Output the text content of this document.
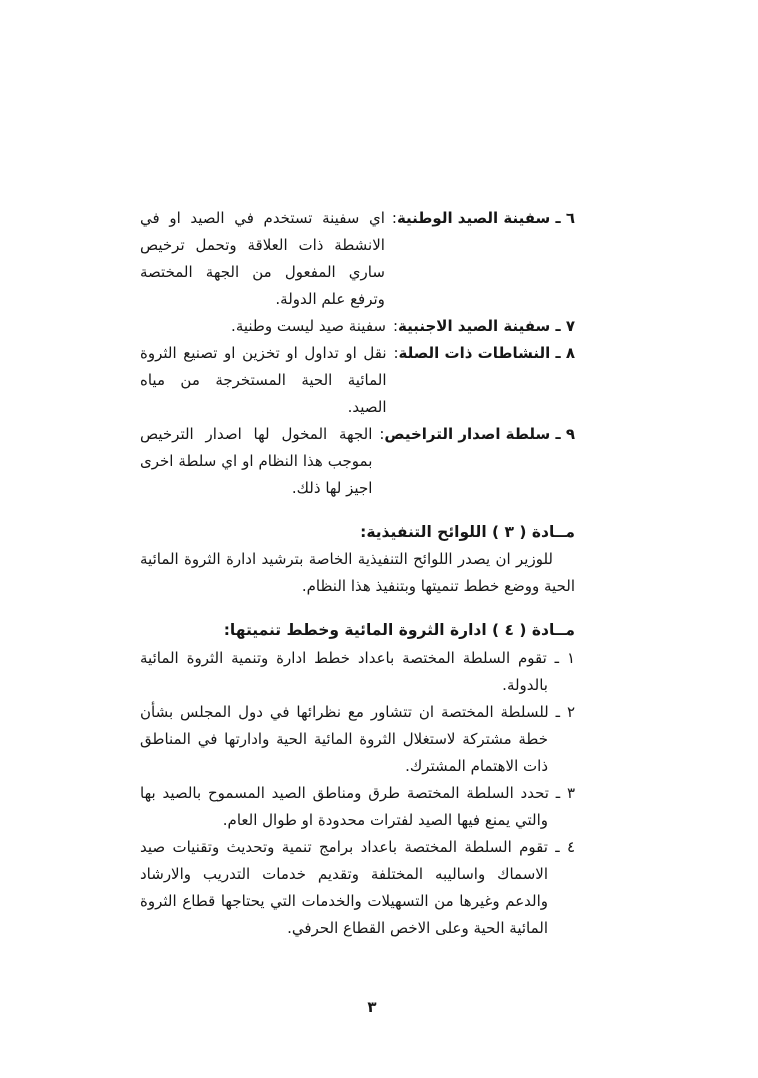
٦ ـ سفينة الصيد الوطنية
:
اي سفينة تستخدم في الصيد او في الانشطة ذات العلاقة وتحمل ترخيص ساري المفعول من الجهة المختصة وترفع علم الدولة.
٧ ـ سفينة الصيد الاجنبية
:
سفينة صيد ليست وطنية.
٨ ـ النشاطات ذات الصلة
:
نقل او تداول او تخزين او تصنيع الثروة المائية الحية المستخرجة من مياه الصيد.
٩ ـ سلطة اصدار التراخيص
:
الجهة المخول لها اصدار الترخيص بموجب هذا النظام او اي سلطة اخرى اجيز لها ذلك.
مــادة ( ٣ ) اللوائح التنفيذية:

للوزير ان يصدر اللوائح التنفيذية الخاصة بترشيد ادارة الثروة المائية الحية ووضع خطط تنميتها وبتنفيذ هذا النظام.

مــادة ( ٤ ) ادارة الثروة المائية وخطط تنميتها:

١ ـ تقوم السلطة المختصة باعداد خطط ادارة وتنمية الثروة المائية بالدولة.

٢ ـ للسلطة المختصة ان تتشاور مع نظرائها في دول المجلس بشأن خطة مشتركة لاستغلال الثروة المائية الحية وادارتها في المناطق ذات الاهتمام المشترك.

٣ ـ تحدد السلطة المختصة طرق ومناطق الصيد المسموح بالصيد بها والتي يمنع فيها الصيد لفترات محدودة او طوال العام.

٤ ـ تقوم السلطة المختصة باعداد برامج تنمية وتحديث وتقنيات صيد الاسماك واساليبه المختلفة وتقديم خدمات التدريب والارشاد والدعم وغيرها من التسهيلات والخدمات التي يحتاجها قطاع الثروة المائية الحية وعلى الاخص القطاع الحرفي.

٣
